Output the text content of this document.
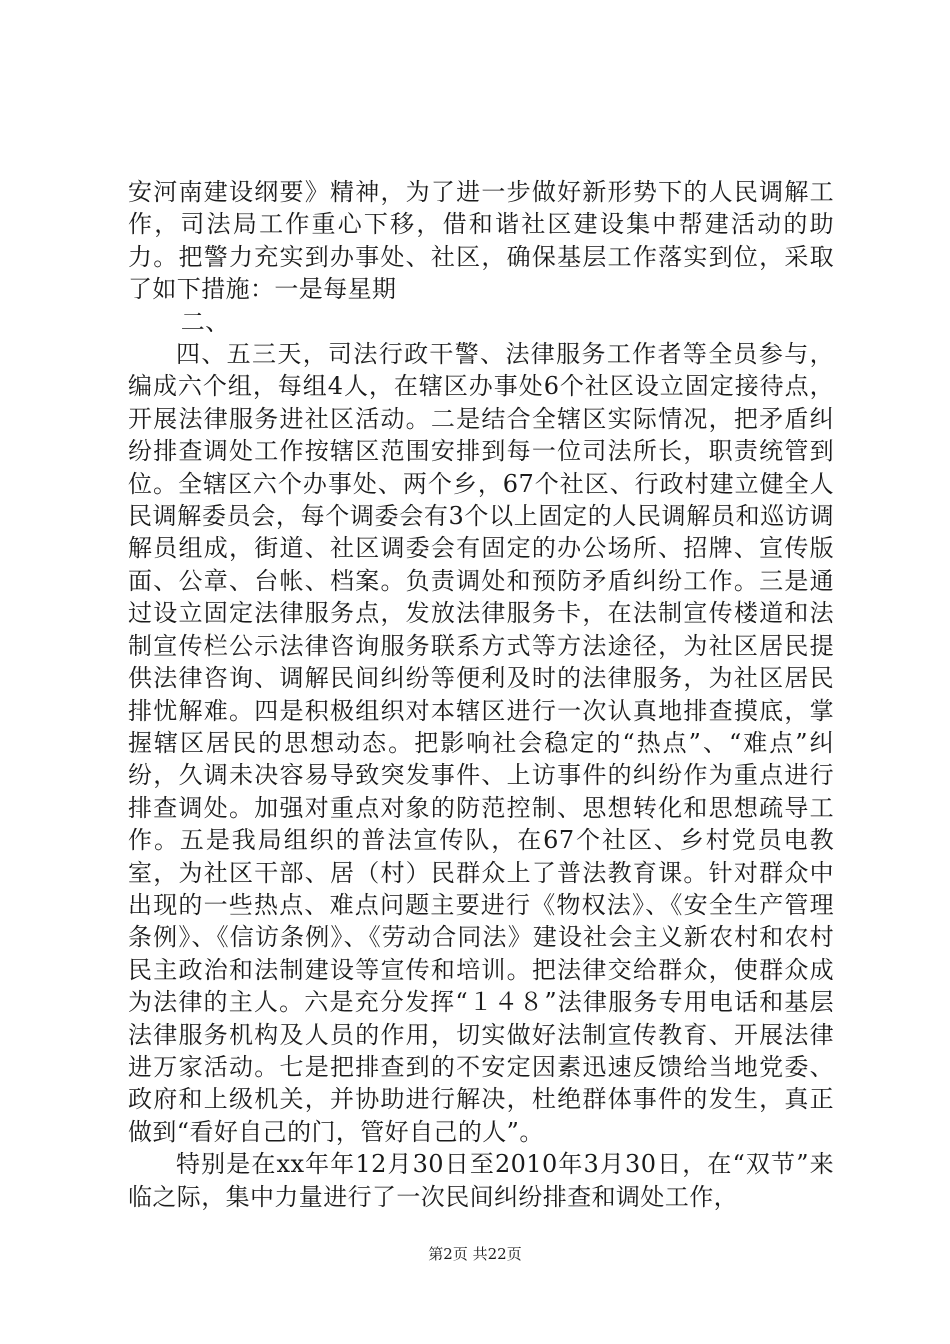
安河南建设纲要》精神，为了进一步做好新形势下的人民调解工作，司法局工作重心下移，借和谐社区建设集中帮建活动的助力。把警力充实到办事处、社区，确保基层工作落实到位，采取了如下措施：一是每星期

二、

四、五三天，司法行政干警、法律服务工作者等全员参与，编成六个组，每组4人，在辖区办事处6个社区设立固定接待点，开展法律服务进社区活动。二是结合全辖区实际情况，把矛盾纠纷排查调处工作按辖区范围安排到每一位司法所长，职责统管到位。全辖区六个办事处、两个乡，67个社区、行政村建立健全人民调解委员会，每个调委会有3个以上固定的人民调解员和巡访调解员组成，街道、社区调委会有固定的办公场所、招牌、宣传版面、公章、台帐、档案。负责调处和预防矛盾纠纷工作。三是通过设立固定法律服务点，发放法律服务卡，在法制宣传楼道和法制宣传栏公示法律咨询服务联系方式等方法途径，为社区居民提供法律咨询、调解民间纠纷等便利及时的法律服务，为社区居民排忧解难。四是积极组织对本辖区进行一次认真地排查摸底，掌握辖区居民的思想动态。把影响社会稳定的“热点”、“难点”纠纷，久调未决容易导致突发事件、上访事件的纠纷作为重点进行排查调处。加强对重点对象的防范控制、思想转化和思想疏导工作。五是我局组织的普法宣传队，在67个社区、乡村党员电教室，为社区干部、居（村）民群众上了普法教育课。针对群众中出现的一些热点、难点问题主要进行《物权法》、《安全生产管理条例》、《信访条例》、《劳动合同法》建设社会主义新农村和农村民主政治和法制建设等宣传和培训。把法律交给群众，使群众成为法律的主人。六是充分发挥“１４８”法律服务专用电话和基层法律服务机构及人员的作用，切实做好法制宣传教育、开展法律进万家活动。七是把排查到的不安定因素迅速反馈给当地党委、政府和上级机关，并协助进行解决，杜绝群体事件的发生，真正做到“看好自己的门，管好自己的人”。

特别是在xx年年12月30日至2010年3月30日，在“双节”来临之际，集中力量进行了一次民间纠纷排查和调处工作，

第2页 共22页
